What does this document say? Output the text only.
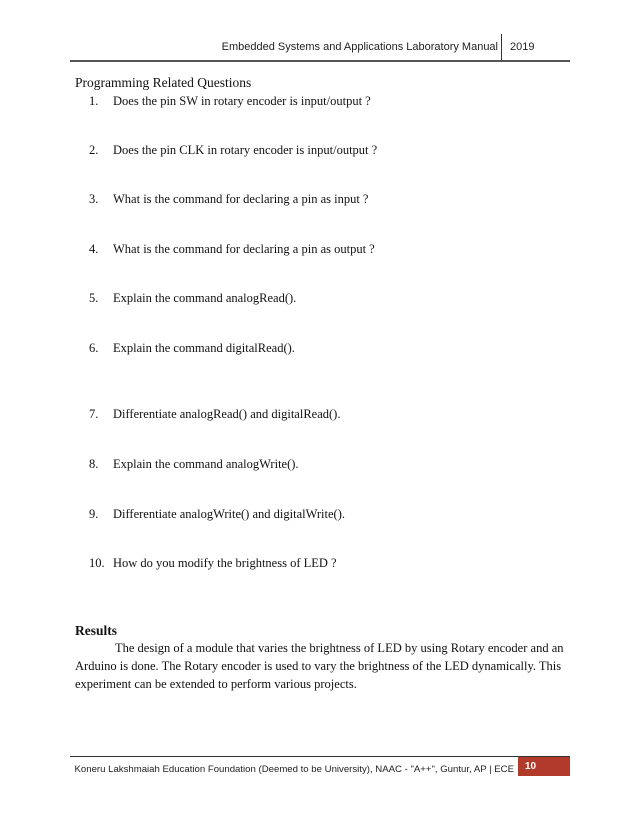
Embedded Systems and Applications Laboratory Manual 2019
Programming Related Questions
1. Does the pin SW in rotary encoder is input/output ?
2. Does the pin CLK in rotary encoder is input/output ?
3. What is the command for declaring a pin as input ?
4. What is the command for declaring a pin as output ?
5. Explain the command analogRead().
6. Explain the command digitalRead().
7. Differentiate analogRead() and digitalRead().
8. Explain the command analogWrite().
9. Differentiate analogWrite() and digitalWrite().
10. How do you modify the brightness of LED ?
Results
The design of a module that varies the brightness of LED by using Rotary encoder and an Arduino is done. The Rotary encoder is used to vary the brightness of the LED dynamically. This experiment can be extended to perform various projects.
Koneru Lakshmaiah Education Foundation (Deemed to be University), NAAC - "A++", Guntur, AP | ECE	10
